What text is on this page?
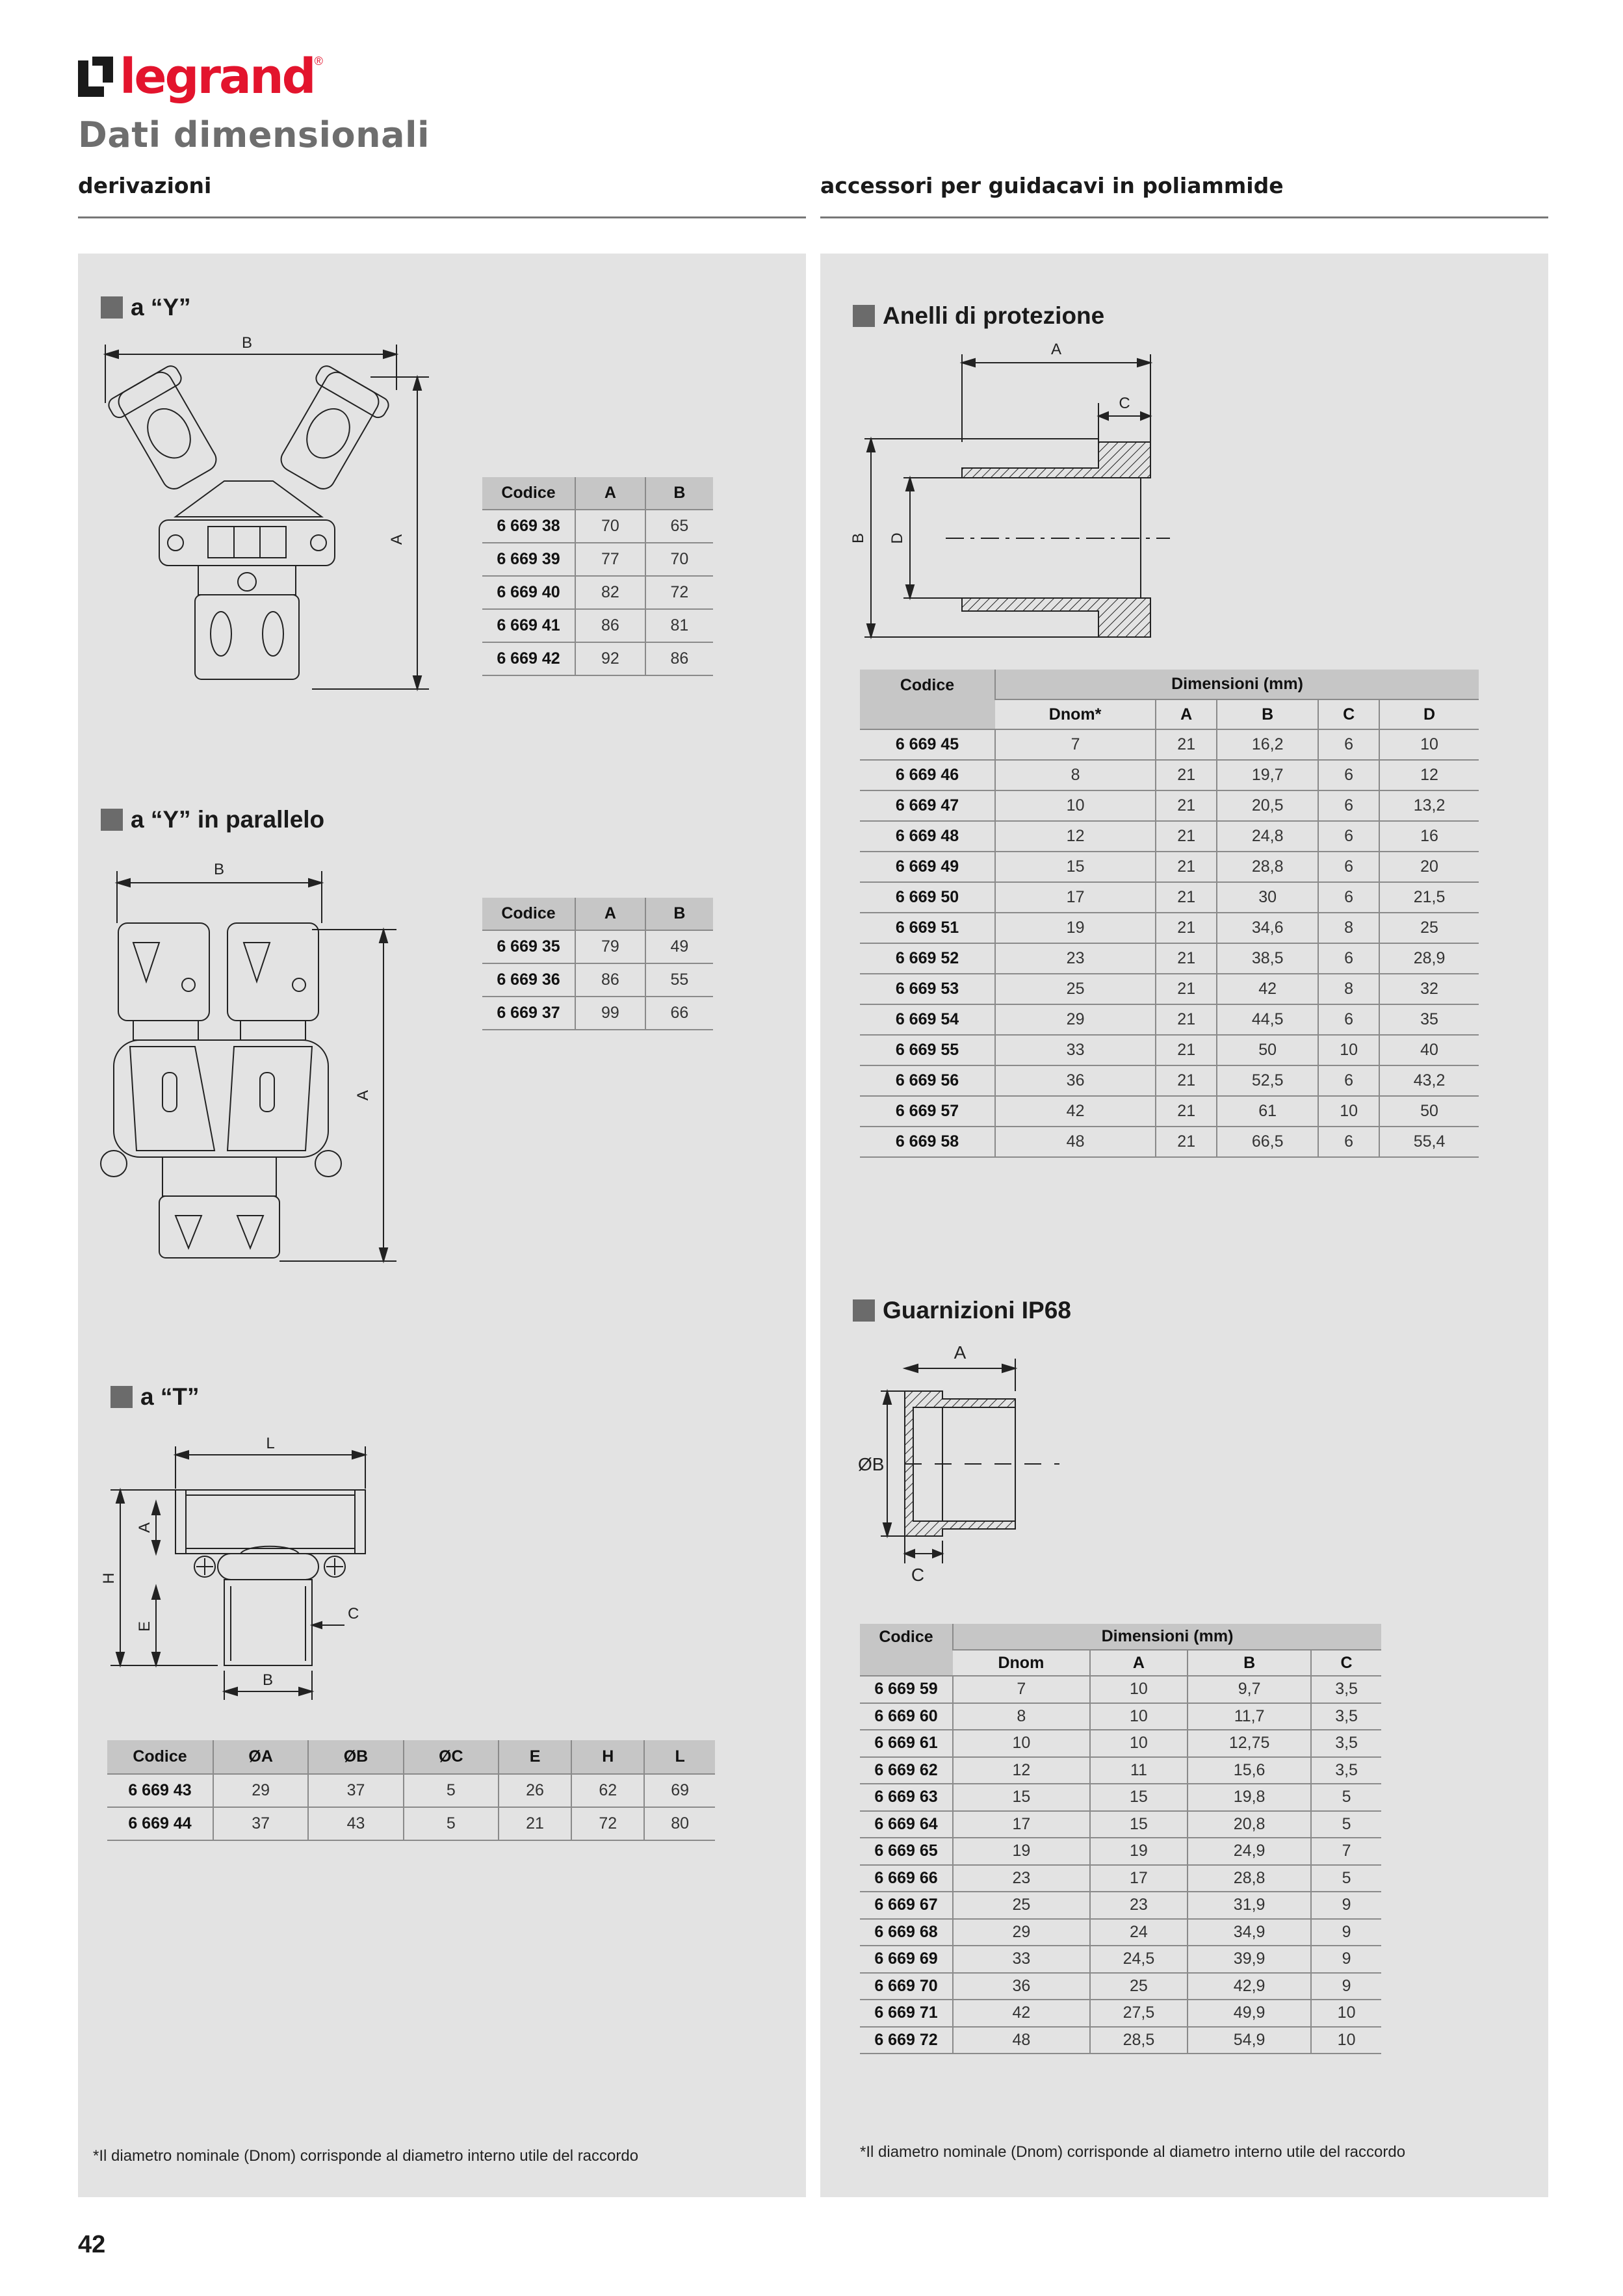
legrand ®
Dati dimensionali
derivazioni	accessori per guidacavi in poliammide
a “Y”
B
A
Codice	A	B
6 669 38	70	65
6 669 39	77	70
6 669 40	82	72
6 669 41	86	81
6 669 42	92	86
a “Y” in parallelo
B
A
Codice	A	B
6 669 35	79	49
6 669 36	86	55
6 669 37	99	66
a “T”
L
A
H
E
C
B
Codice	ØA	ØB	ØC	E	H	L
6 669 43	29	37	5	26	62	69
6 669 44	37	43	5	21	72	80
*Il diametro nominale (Dnom) corrisponde al diametro interno utile del raccordo
Anelli di protezione
A
C
B D
Codice	Dimensioni (mm)				
	Dnom*	A	B	C	D
6 669 45	7	21	16,2	6	10
6 669 46	8	21	19,7	6	12
6 669 47	10	21	20,5	6	13,2
6 669 48	12	21	24,8	6	16
6 669 49	15	21	28,8	6	20
6 669 50	17	21	30	6	21,5
6 669 51	19	21	34,6	8	25
6 669 52	23	21	38,5	6	28,9
6 669 53	25	21	42	8	32
6 669 54	29	21	44,5	6	35
6 669 55	33	21	50	10	40
6 669 56	36	21	52,5	6	43,2
6 669 57	42	21	61	10	50
6 669 58	48	21	66,5	6	55,4
Guarnizioni IP68
A
ØB
C
Codice	Dimensioni (mm)			
	Dnom	A	B	C
6 669 59	7	10	9,7	3,5
6 669 60	8	10	11,7	3,5
6 669 61	10	10	12,75	3,5
6 669 62	12	11	15,6	3,5
6 669 63	15	15	19,8	5
6 669 64	17	15	20,8	5
6 669 65	19	19	24,9	7
6 669 66	23	17	28,8	5
6 669 67	25	23	31,9	9
6 669 68	29	24	34,9	9
6 669 69	33	24,5	39,9	9
6 669 70	36	25	42,9	9
6 669 71	42	27,5	49,9	10
6 669 72	48	28,5	54,9	10
*Il diametro nominale (Dnom) corrisponde al diametro interno utile del raccordo
42
